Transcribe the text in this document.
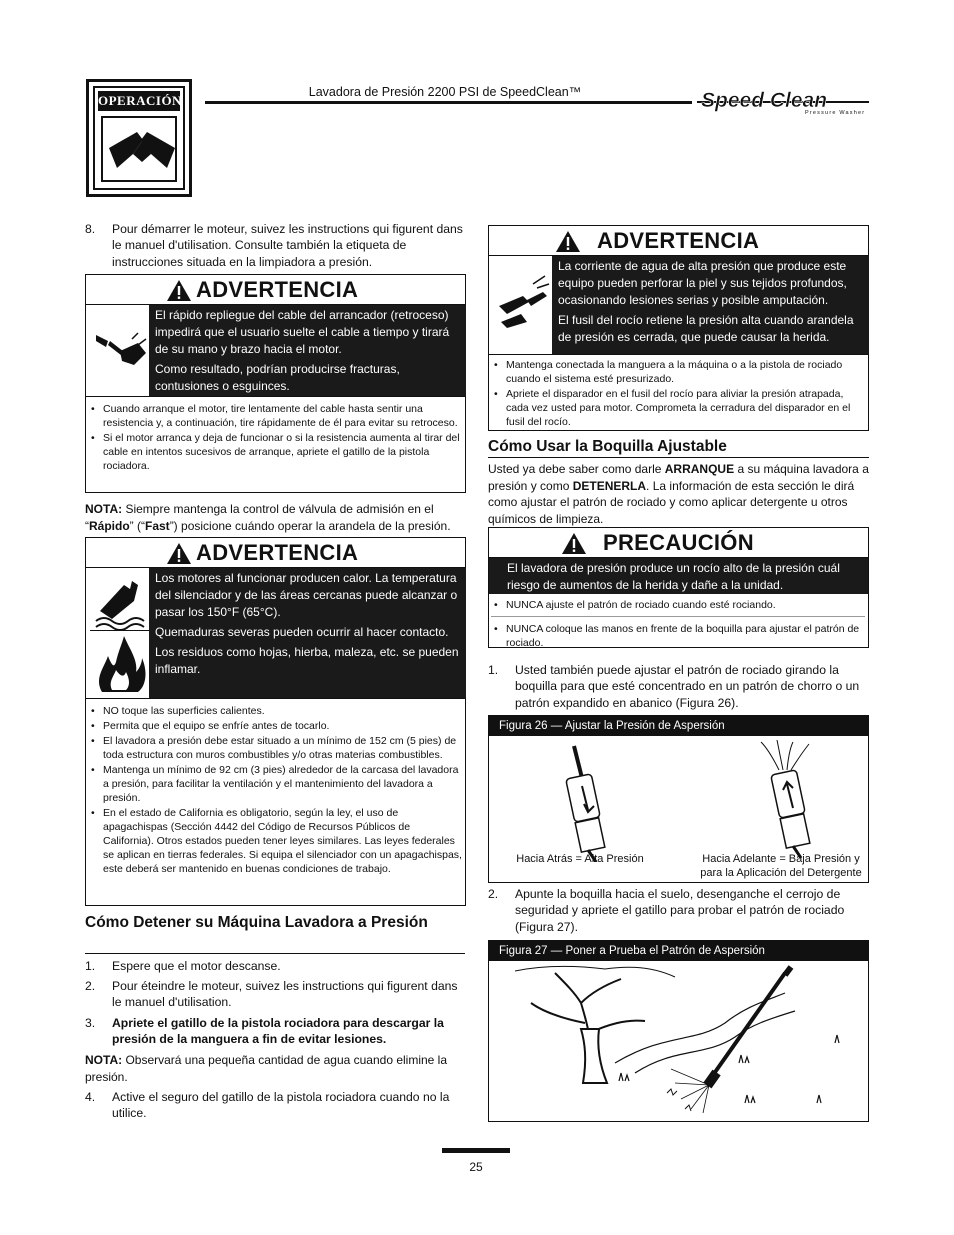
OPERACIÓN
Lavadora de Presión 2200 PSI de SpeedClean™	Speed Clean
Pressure Washer
8. Pour démarrer le moteur, suivez les instructions qui figurent dans le manuel d'utilisation. Consulte también la etiqueta de instrucciones situada en la limpiadora a presión.
ADVERTENCIA

El rápido repliegue del cable del arrancador (retroceso) impedirá que el usuario suelte el cable a tiempo y tirará de su mano y brazo hacia el motor.

Como resultado, podrían producirse fracturas, contusiones o esguinces.

• Cuando arranque el motor, tire lentamente del cable hasta sentir una resistencia y, a continuación, tire rápidamente de él para evitar su retroceso.
• Si el motor arranca y deja de funcionar o si la resistencia aumenta al tirar del cable en intentos sucesivos de arranque, apriete el gatillo de la pistola rociadora.
NOTA: Siempre mantenga la control de válvula de admisión en el “Rápido” (“Fast”) posicione cuándo operar la arandela de la presión.
ADVERTENCIA

Los motores al funcionar producen calor. La temperatura del silenciador y de las áreas cercanas puede alcanzar o pasar los 150°F (65°C).

Quemaduras severas pueden ocurrir al hacer contacto.

Los residuos como hojas, hierba, maleza, etc. se pueden inflamar.

• NO toque las superficies calientes.
• Permita que el equipo se enfríe antes de tocarlo.
• El lavadora a presión debe estar situado a un mínimo de 152 cm (5 pies) de toda estructura con muros combustibles y/o otras materias combustibles.
• Mantenga un mínimo de 92 cm (3 pies) alrededor de la carcasa del lavadora a presión, para facilitar la ventilación y el mantenimiento del lavadora a presión.
• En el estado de California es obligatorio, según la ley, el uso de apagachispas (Sección 4442 del Código de Recursos Públicos de California). Otros estados pueden tener leyes similares. Las leyes federales se aplican en tierras federales. Si equipa el silenciador con un apagachispas, este deberá ser mantenido en buenas condiciones de trabajo.
Cómo Detener su Máquina Lavadora a Presión
1. Espere que el motor descanse.
2. Pour éteindre le moteur, suivez les instructions qui figurent dans le manuel d'utilisation.
3. Apriete el gatillo de la pistola rociadora para descargar la presión de la manguera a fin de evitar lesiones.
NOTA: Observará una pequeña cantidad de agua cuando elimine la presión.
4. Active el seguro del gatillo de la pistola rociadora cuando no la utilice.
ADVERTENCIA

La corriente de agua de alta presión que produce este equipo pueden perforar la piel y sus tejidos profundos, ocasionando lesiones serias y posible amputación.

El fusil del rocío retiene la presión alta cuando arandela de presión es cerrada, que puede causar la herida.

• Mantenga conectada la manguera a la máquina o a la pistola de rociado cuando el sistema esté presurizado.
• Apriete el disparador en el fusil del rocío para aliviar la presión atrapada, cada vez usted para motor. Comprometa la cerradura del disparador en el fusil del rocío.
Cómo Usar la Boquilla Ajustable
Usted ya debe saber como darle ARRANQUE a su máquina lavadora a presión y como DETENERLA. La información de esta sección le dirá como ajustar el patrón de rociado y como aplicar detergente u otros químicos de limpieza.
PRECAUCIÓN

El lavadora de presión produce un rocío alto de la presión cuál riesgo de aumentos de la herida y dañe a la unidad.

• NUNCA ajuste el patrón de rociado cuando esté rociando.
• NUNCA coloque las manos en frente de la boquilla para ajustar el patrón de rociado.
1. Usted también puede ajustar el patrón de rociado girando la boquilla para que esté concentrado en un patrón de chorro o un patrón expandido en abanico (Figura 26).
Figura 26 — Ajustar la Presión de Aspersión
Hacia Atrás = Alta Presión	Hacia Adelante = Baja Presión y para la Aplicación del Detergente
2. Apunte la boquilla hacia el suelo, desenganche el cerrojo de seguridad y apriete el gatillo para probar el patrón de rociado (Figura 27).
Figura 27 — Poner a Prueba el Patrón de Aspersión
25
